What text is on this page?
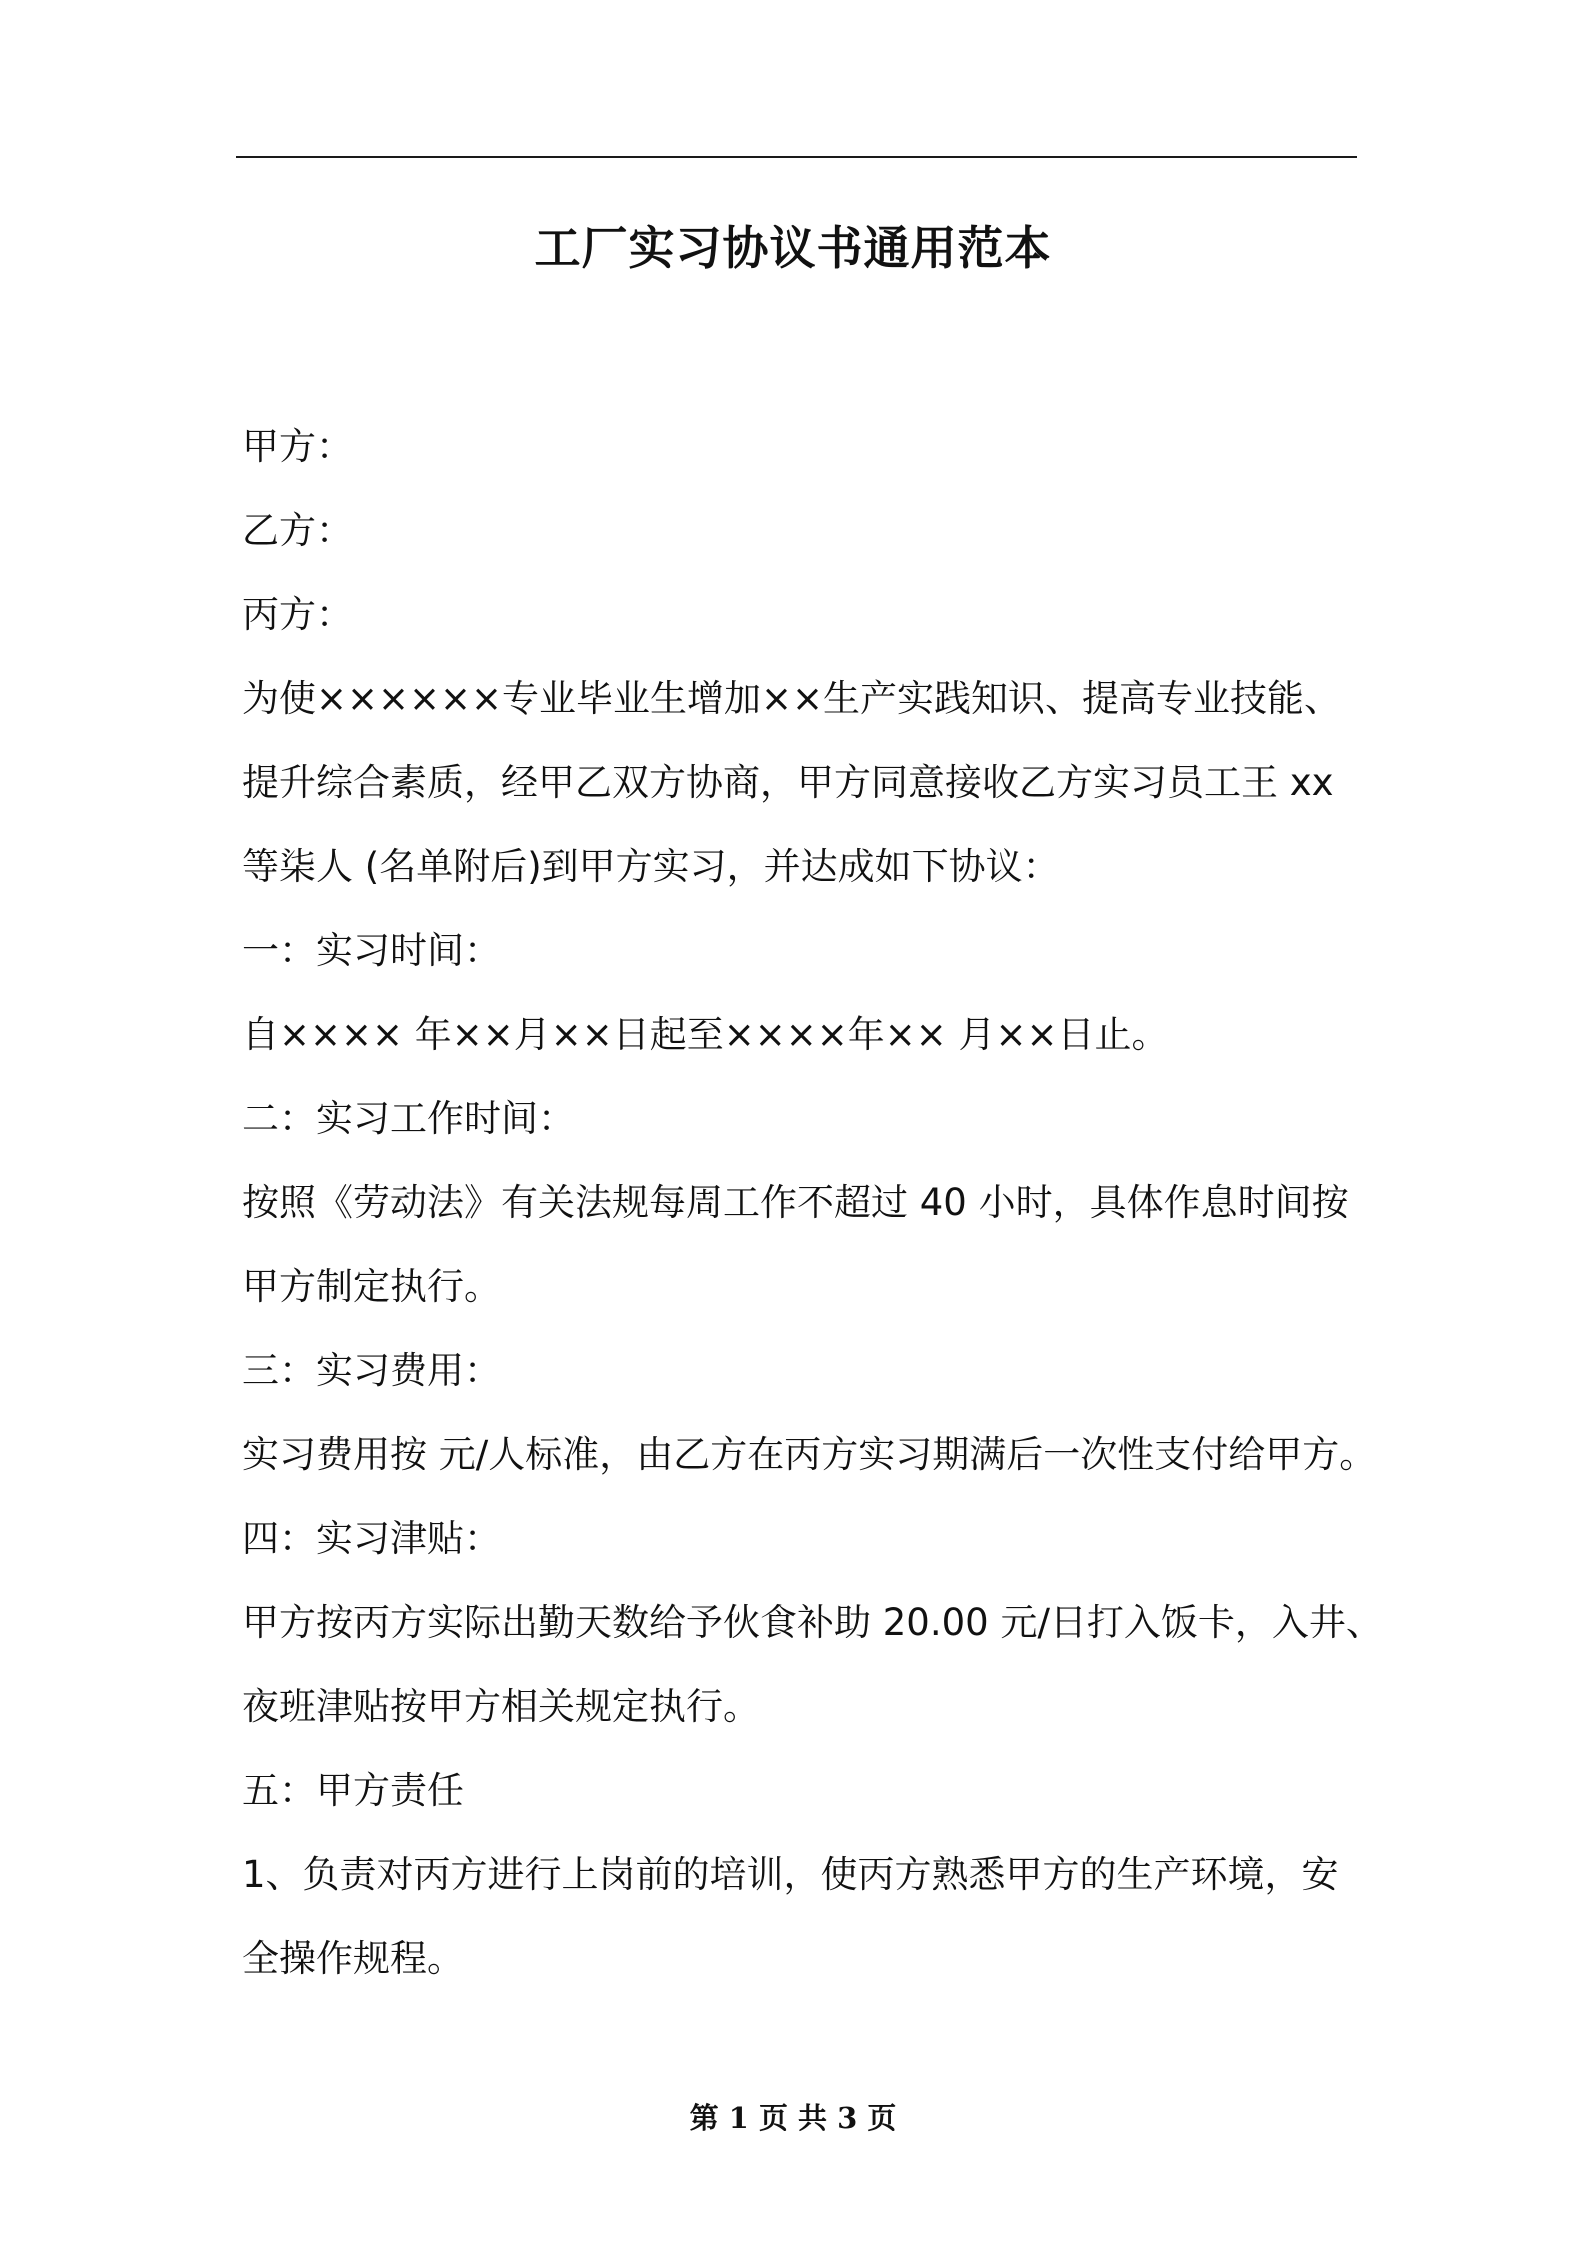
工厂实习协议书通用范本
甲方：
乙方：
丙方：
为使××××××专业毕业生增加××生产实践知识、提高专业技能、
提升综合素质，经甲乙双方协商，甲方同意接收乙方实习员工王 xx
等柒人 (名单附后)到甲方实习，并达成如下协议：
一：实习时间：
自×××× 年××月××日起至××××年×× 月××日止。
二：实习工作时间：
按照《劳动法》有关法规每周工作不超过 40 小时，具体作息时间按
甲方制定执行。
三：实习费用：
实习费用按 元/人标准，由乙方在丙方实习期满后一次性支付给甲方。
四：实习津贴：
甲方按丙方实际出勤天数给予伙食补助 20.00 元/日打入饭卡，入井、
夜班津贴按甲方相关规定执行。
五：甲方责任
1、负责对丙方进行上岗前的培训，使丙方熟悉甲方的生产环境，安
全操作规程。
第 1 页 共 3 页
